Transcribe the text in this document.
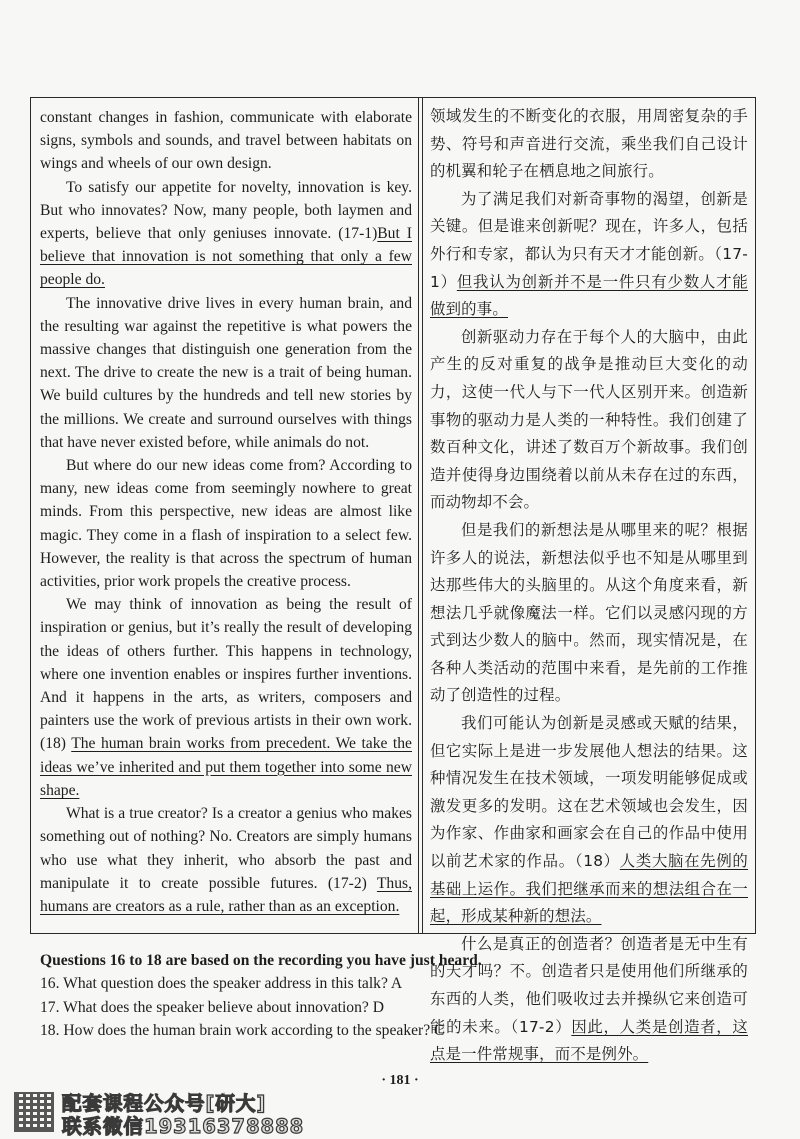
constant changes in fashion, communicate with elaborate signs, symbols and sounds, and travel between habitats on wings and wheels of our own design.

To satisfy our appetite for novelty, innovation is key. But who innovates? Now, many people, both laymen and experts, believe that only geniuses innovate. (17-1)But I believe that innovation is not something that only a few people do.

The innovative drive lives in every human brain, and the resulting war against the repetitive is what powers the massive changes that distinguish one generation from the next. The drive to create the new is a trait of being human. We build cultures by the hundreds and tell new stories by the millions. We create and surround ourselves with things that have never existed before, while animals do not.

But where do our new ideas come from? According to many, new ideas come from seemingly nowhere to great minds. From this perspective, new ideas are almost like magic. They come in a flash of inspiration to a select few. However, the reality is that across the spectrum of human activities, prior work propels the creative process.

We may think of innovation as being the result of inspiration or genius, but it’s really the result of developing the ideas of others further. This happens in technology, where one invention enables or inspires further inventions. And it happens in the arts, as writers, composers and painters use the work of previous artists in their own work. (18) The human brain works from precedent. We take the ideas we’ve inherited and put them together into some new shape.

What is a true creator? Is a creator a genius who makes something out of nothing? No. Creators are simply humans who use what they inherit, who absorb the past and manipulate it to create possible futures. (17-2) Thus, humans are creators as a rule, rather than as an exception.

领域发生的不断变化的衣服，用周密复杂的手势、符号和声音进行交流，乘坐我们自己设计的机翼和轮子在栖息地之间旅行。

为了满足我们对新奇事物的渴望，创新是关键。但是谁来创新呢？现在，许多人，包括外行和专家，都认为只有天才才能创新。（17-1）但我认为创新并不是一件只有少数人才能做到的事。

创新驱动力存在于每个人的大脑中，由此产生的反对重复的战争是推动巨大变化的动力，这使一代人与下一代人区别开来。创造新事物的驱动力是人类的一种特性。我们创建了数百种文化，讲述了数百万个新故事。我们创造并使得身边围绕着以前从未存在过的东西，而动物却不会。

但是我们的新想法是从哪里来的呢？根据许多人的说法，新想法似乎也不知是从哪里到达那些伟大的头脑里的。从这个角度来看，新想法几乎就像魔法一样。它们以灵感闪现的方式到达少数人的脑中。然而，现实情况是，在各种人类活动的范围中来看，是先前的工作推动了创造性的过程。

我们可能认为创新是灵感或天赋的结果，但它实际上是进一步发展他人想法的结果。这种情况发生在技术领域，一项发明能够促成或激发更多的发明。这在艺术领域也会发生，因为作家、作曲家和画家会在自己的作品中使用以前艺术家的作品。（18）人类大脑在先例的基础上运作。我们把继承而来的想法组合在一起，形成某种新的想法。

什么是真正的创造者？创造者是无中生有的天才吗？不。创造者只是使用他们所继承的东西的人类，他们吸收过去并操纵它来创造可能的未来。（17-2）因此，人类是创造者，这点是一件常规事，而不是例外。

Questions 16 to 18 are based on the recording you have just heard.
16. What question does the speaker address in this talk? A
17. What does the speaker believe about innovation? D
18. How does the human brain work according to the speaker? C
· 181 ·
配套课程公众号[研大]
联系微信19316378888
